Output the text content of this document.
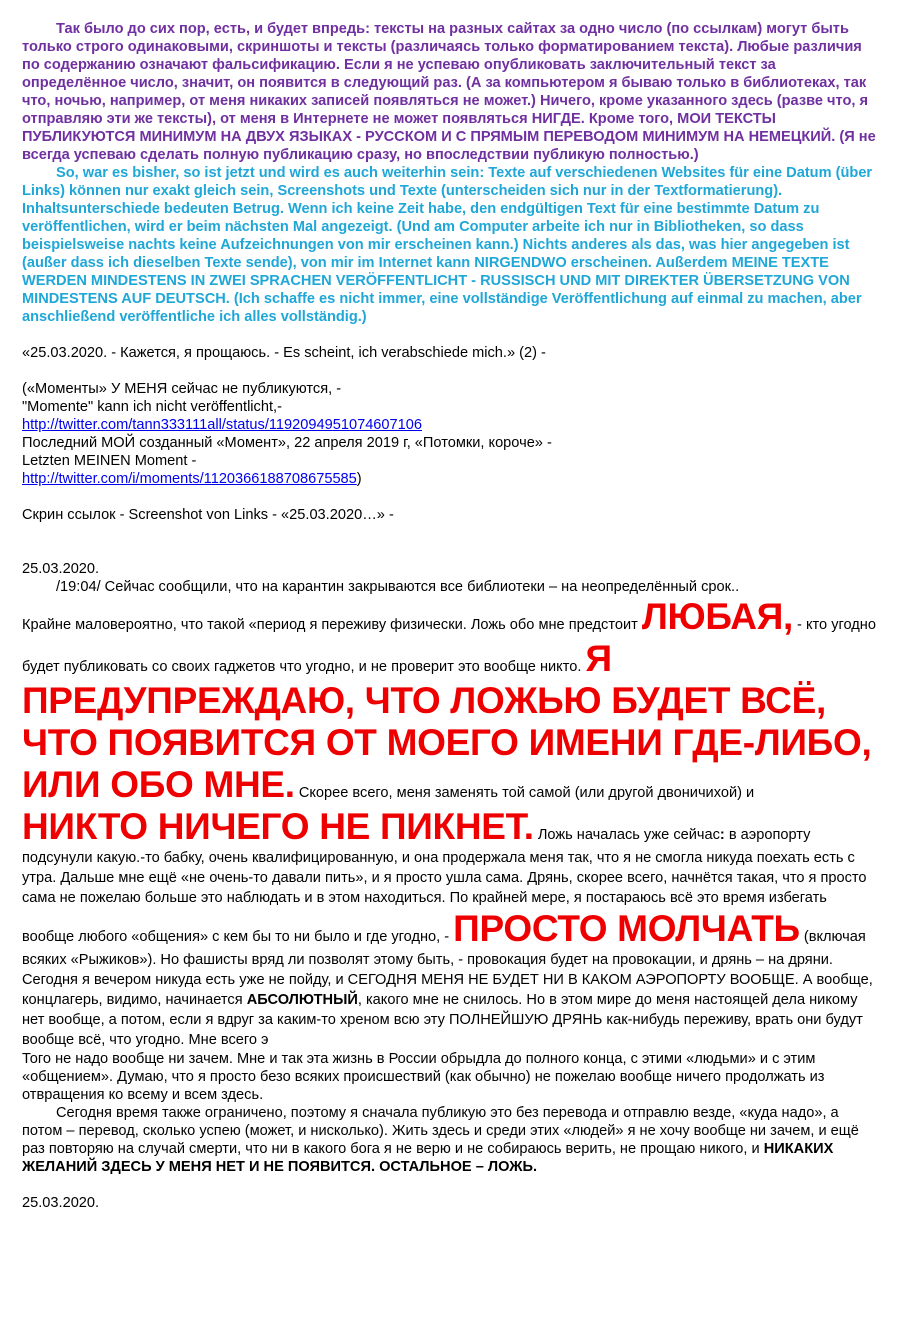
Так было до сих пор, есть, и будет впредь: тексты на разных сайтах за одно число (по ссылкам) могут быть только строго одинаковыми, скриншоты и тексты (различаясь только форматированием текста). Любые различия по содержанию означают фальсификацию. Если я не успеваю опубликовать заключительный текст за определённое число, значит, он появится в следующий раз. (А за компьютером я бываю только в библиотеках, так что, ночью, например, от меня никаких записей появляться не может.) Ничего, кроме указанного здесь (разве что, я отправляю эти же тексты), от меня в Интернете не может появляться НИГДЕ. Кроме того, МОИ ТЕКСТЫ ПУБЛИКУЮТСЯ МИНИМУМ НА ДВУХ ЯЗЫКАХ - РУССКОМ И С ПРЯМЫМ ПЕРЕВОДОМ МИНИМУМ НА НЕМЕЦКИЙ. (Я не всегда успеваю сделать полную публикацию сразу, но впоследствии публикую полностью.)

So, war es bisher, so ist jetzt und wird es auch weiterhin sein: Texte auf verschiedenen Websites für eine Datum (über Links) können nur exakt gleich sein, Screenshots und Texte (unterscheiden sich nur in der Textformatierung). Inhaltsunterschiede bedeuten Betrug. Wenn ich keine Zeit habe, den endgültigen Text für eine bestimmte Datum zu veröffentlichen, wird er beim nächsten Mal angezeigt. (Und am Computer arbeite ich nur in Bibliotheken, so dass beispielsweise nachts keine Aufzeichnungen von mir erscheinen kann.) Nichts anderes als das, was hier angegeben ist (außer dass ich dieselben Texte sende), von mir im Internet kann NIRGENDWO erscheinen. Außerdem MEINE TEXTE WERDEN MINDESTENS IN ZWEI SPRACHEN VERÖFFENTLICHT - RUSSISCH UND MIT DIREKTER ÜBERSETZUNG VON MINDESTENS AUF DEUTSCH. (Ich schaffe es nicht immer, eine vollständige Veröffentlichung auf einmal zu machen, aber anschließend veröffentliche ich alles vollständig.)

«25.03.2020. - Кажется, я прощаюсь. - Es scheint, ich verabschiede mich.» (2) -

(«Моменты» У МЕНЯ сейчас не публикуются, -

"Momente" kann ich nicht veröffentlicht,-

http://twitter.com/tann333111all/status/1192094951074607106

Последний МОЙ созданный «Момент», 22 апреля 2019 г, «Потомки, короче» -

Letzten MEINEN Moment -

http://twitter.com/i/moments/1120366188708675585)

Скрин ссылок - Screenshot von Links - «25.03.2020…» -

25.03.2020.

/19:04/ Сейчас сообщили, что на карантин закрываются все библиотеки – на неопределённый срок..

Крайне маловероятно, что такой «период я переживу физически. Ложь обо мне предстоит ЛЮБАЯ, - кто угодно будет публиковать со своих гаджетов что угодно, и не проверит это вообще никто. Я ПРЕДУПРЕЖДАЮ, ЧТО ЛОЖЬЮ БУДЕТ ВСЁ, ЧТО ПОЯВИТСЯ ОТ МОЕГО ИМЕНИ ГДЕ-ЛИБО, ИЛИ ОБО МНЕ. Скорее всего, меня заменять той самой (или другой двоничихой) и НИКТО НИЧЕГО НЕ ПИКНЕТ. Ложь началась уже сейчас: в аэропорту подсунули какую.-то бабку, очень квалифицированную, и она продержала меня так, что я не смогла никуда поехать есть с утра. Дальше мне ещё «не очень-то давали пить», и я просто ушла сама. Дрянь, скорее всего, начнётся такая, что я просто сама не пожелаю больше это наблюдать и в этом находиться. По крайней мере, я постараюсь всё это время избегать вообще любого «общения» с кем бы то ни было и где угодно, - ПРОСТО МОЛЧАТЬ (включая всяких «Рыжиков»). Но фашисты вряд ли позволят этому быть, - провокация будет на провокации, и дрянь – на дряни. Сегодня я вечером никуда есть уже не пойду, и СЕГОДНЯ МЕНЯ НЕ БУДЕТ НИ В КАКОМ АЭРОПОРТУ ВООБЩЕ. А вообще, концлагерь, видимо, начинается АБСОЛЮТНЫЙ, какого мне не снилось. Но в этом мире до меня настоящей дела никому нет вообще, а потом, если я вдруг за каким-то хреном всю эту ПОЛНЕЙШУЮ ДРЯНЬ как-нибудь переживу, врать они будут вообще всё, что угодно. Мне всего э

Того не надо вообще ни зачем. Мне и так эта жизнь в России обрыдла до полного конца, с этими «людьми» и с этим «общением». Думаю, что я просто безо всяких происшествий (как обычно) не пожелаю вообще ничего продолжать из отвращения ко всему и всем здесь.

Сегодня время также ограничено, поэтому я сначала публикую это без перевода и отправлю везде, «куда надо», а потом – перевод, сколько успею (может, и нисколько). Жить здесь и среди этих «людей» я не хочу вообще ни зачем, и ещё раз повторяю на случай смерти, что ни в какого бога я не верю и не собираюсь верить, не прощаю никого, и НИКАКИХ ЖЕЛАНИЙ ЗДЕСЬ У МЕНЯ НЕТ И НЕ ПОЯВИТСЯ. ОСТАЛЬНОЕ – ЛОЖЬ.

25.03.2020.
